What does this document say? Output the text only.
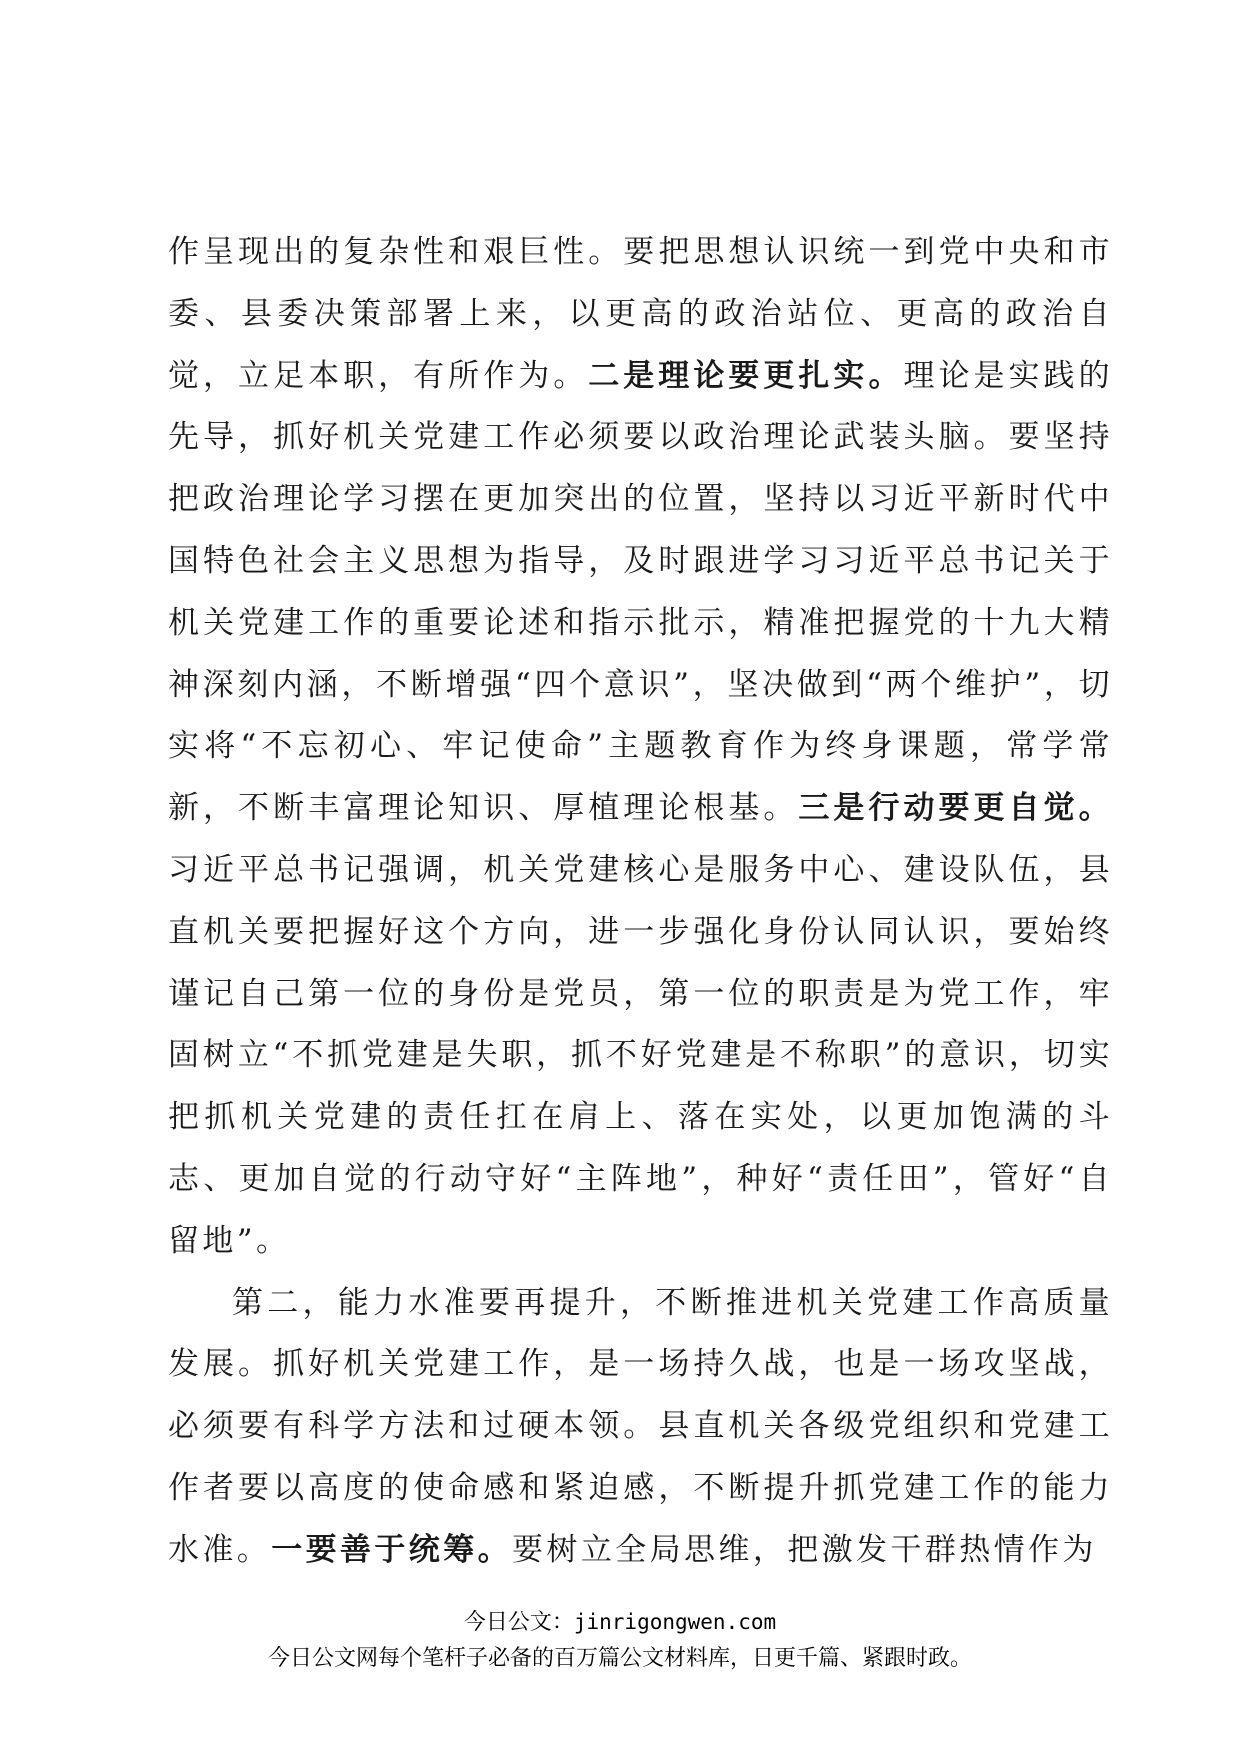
作呈现出的复杂性和艰巨性。要把思想认识统一到党中央和市委、县委决策部署上来，以更高的政治站位、更高的政治自觉，立足本职，有所作为。二是理论要更扎实。理论是实践的先导，抓好机关党建工作必须要以政治理论武装头脑。要坚持把政治理论学习摆在更加突出的位置，坚持以习近平新时代中国特色社会主义思想为指导，及时跟进学习习近平总书记关于机关党建工作的重要论述和指示批示，精准把握党的十九大精神深刻内涵，不断增强“四个意识”，坚决做到“两个维护”，切实将“不忘初心、牢记使命”主题教育作为终身课题，常学常新，不断丰富理论知识、厚植理论根基。三是行动要更自觉。习近平总书记强调，机关党建核心是服务中心、建设队伍，县直机关要把握好这个方向，进一步强化身份认同认识，要始终谨记自己第一位的身份是党员，第一位的职责是为党工作，牢固树立“不抓党建是失职，抓不好党建是不称职”的意识，切实把抓机关党建的责任扛在肩上、落在实处，以更加饱满的斗志、更加自觉的行动守好“主阵地”，种好“责任田”，管好“自留地”。

第二，能力水准要再提升，不断推进机关党建工作高质量发展。抓好机关党建工作，是一场持久战，也是一场攻坚战，必须要有科学方法和过硬本领。县直机关各级党组织和党建工作者要以高度的使命感和紧迫感，不断提升抓党建工作的能力水准。一要善于统筹。要树立全局思维，把激发干群热情作为

今日公文：jinrigongwen.com
今日公文网每个笔杆子必备的百万篇公文材料库，日更千篇、紧跟时政。
